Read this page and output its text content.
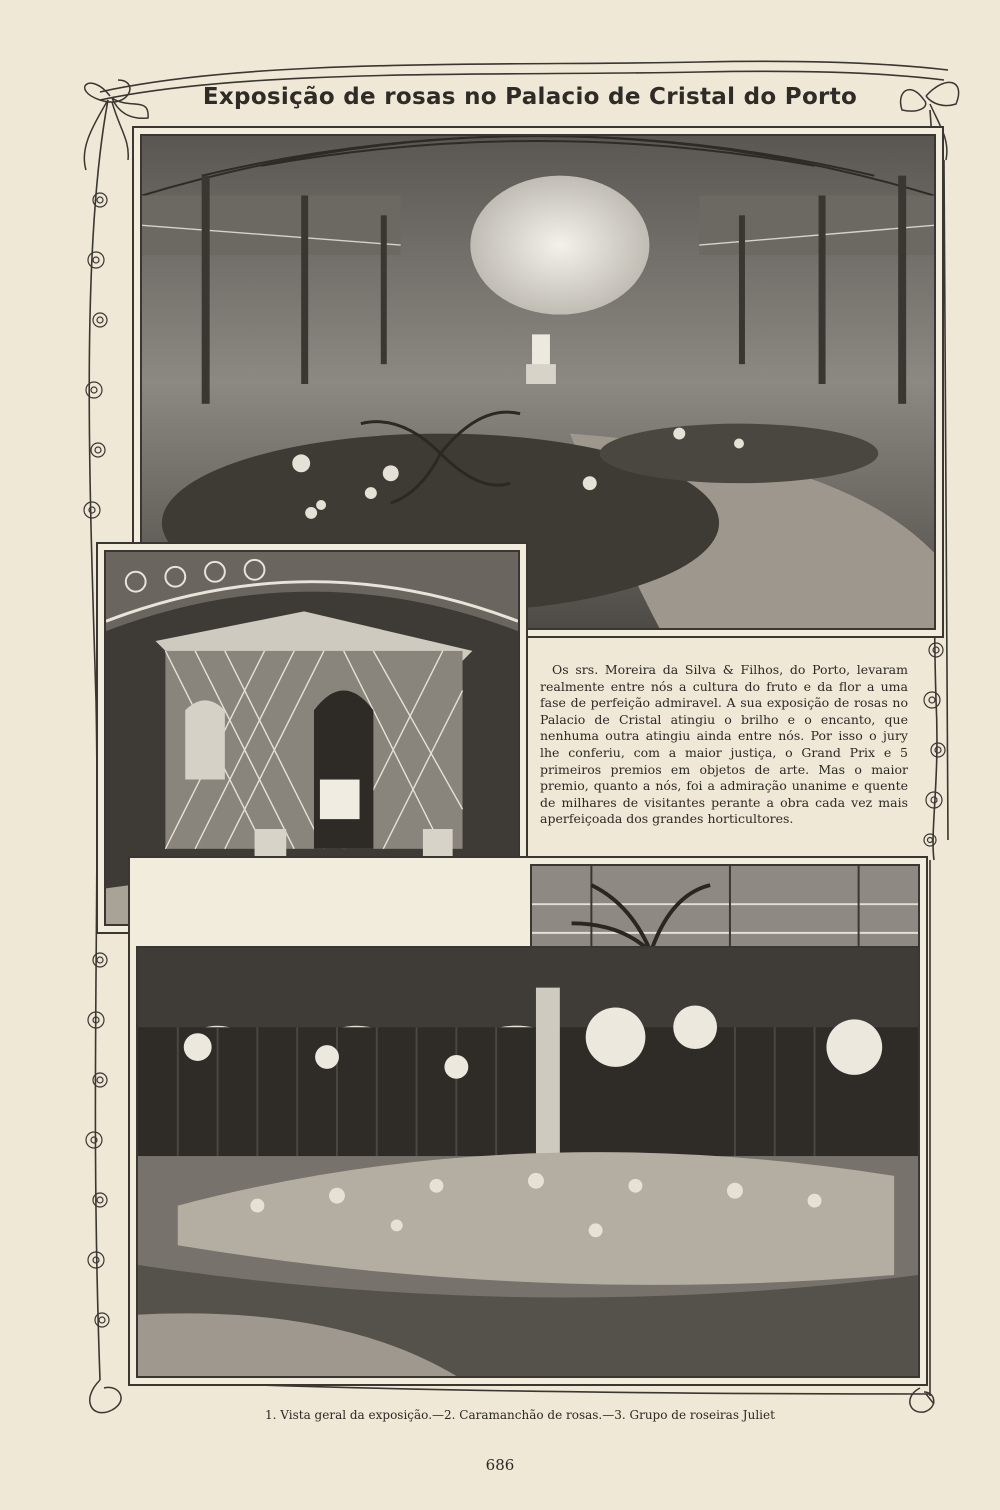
Exposição de rosas no Palacio de Cristal do Porto
Os srs. Moreira da Silva & Filhos, do Porto, levaram realmente entre nós a cultura do fruto e da flor a uma fase de perfeição admiravel. A sua exposição de rosas no Palacio de Cristal atingiu o brilho e o encanto, que nenhuma outra atingiu ainda entre nós. Por isso o jury lhe conferiu, com a maior justiça, o Grand Prix e 5 primeiros premios em objetos de arte. Mas o maior premio, quanto a nós, foi a admiração unanime e quente de milhares de visitantes perante a obra cada vez mais aperfeiçoada dos grandes horticultores.
1. Vista geral da exposição.—2. Caramanchão de rosas.—3. Grupo de roseiras Juliet
686
